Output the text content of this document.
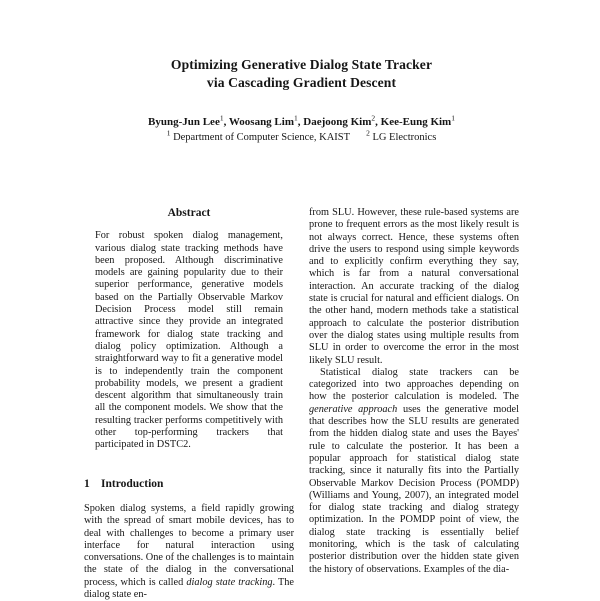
Optimizing Generative Dialog State Tracker
via Cascading Gradient Descent
Byung-Jun Lee$^1$, Woosang Lim$^1$, Daejoong Kim$^2$, Kee-Eung Kim$^1$
$^1$ Department of Computer Science, KAIST $^2$ LG Electronics
Abstract

For robust spoken dialog management, various dialog state tracking methods have been proposed. Although discriminative models are gaining popularity due to their superior performance, generative models based on the Partially Observable Markov Decision Process model still remain attractive since they provide an integrated framework for dialog state tracking and dialog policy optimization. Although a straightforward way to fit a generative model is to independently train the component probability models, we present a gradient descent algorithm that simultaneously train all the component models. We show that the resulting tracker performs competitively with other top-performing trackers that participated in DSTC2.

1 Introduction

Spoken dialog systems, a field rapidly growing with the spread of smart mobile devices, has to deal with challenges to become a primary user interface for natural interaction using conversations. One of the challenges is to maintain the state of the dialog in the conversational process, which is called dialog state tracking. The dialog state en-

from SLU. However, these rule-based systems are prone to frequent errors as the most likely result is not always correct. Hence, these systems often drive the users to respond using simple keywords and to explicitly confirm everything they say, which is far from a natural conversational interaction. An accurate tracking of the dialog state is crucial for natural and efficient dialogs. On the other hand, modern methods take a statistical approach to calculate the posterior distribution over the dialog states using multiple results from SLU in order to overcome the error in the most likely SLU result.

Statistical dialog state trackers can be categorized into two approaches depending on how the posterior calculation is modeled. The generative approach uses the generative model that describes how the SLU results are generated from the hidden dialog state and uses the Bayes' rule to calculate the posterior. It has been a popular approach for statistical dialog state tracking, since it naturally fits into the Partially Observable Markov Decision Process (POMDP) (Williams and Young, 2007), an integrated model for dialog state tracking and dialog strategy optimization. In the POMDP point of view, the dialog state tracking is essentially belief monitoring, which is the task of calculating posterior distribution over the hidden state given the history of observations. Examples of the dia-
